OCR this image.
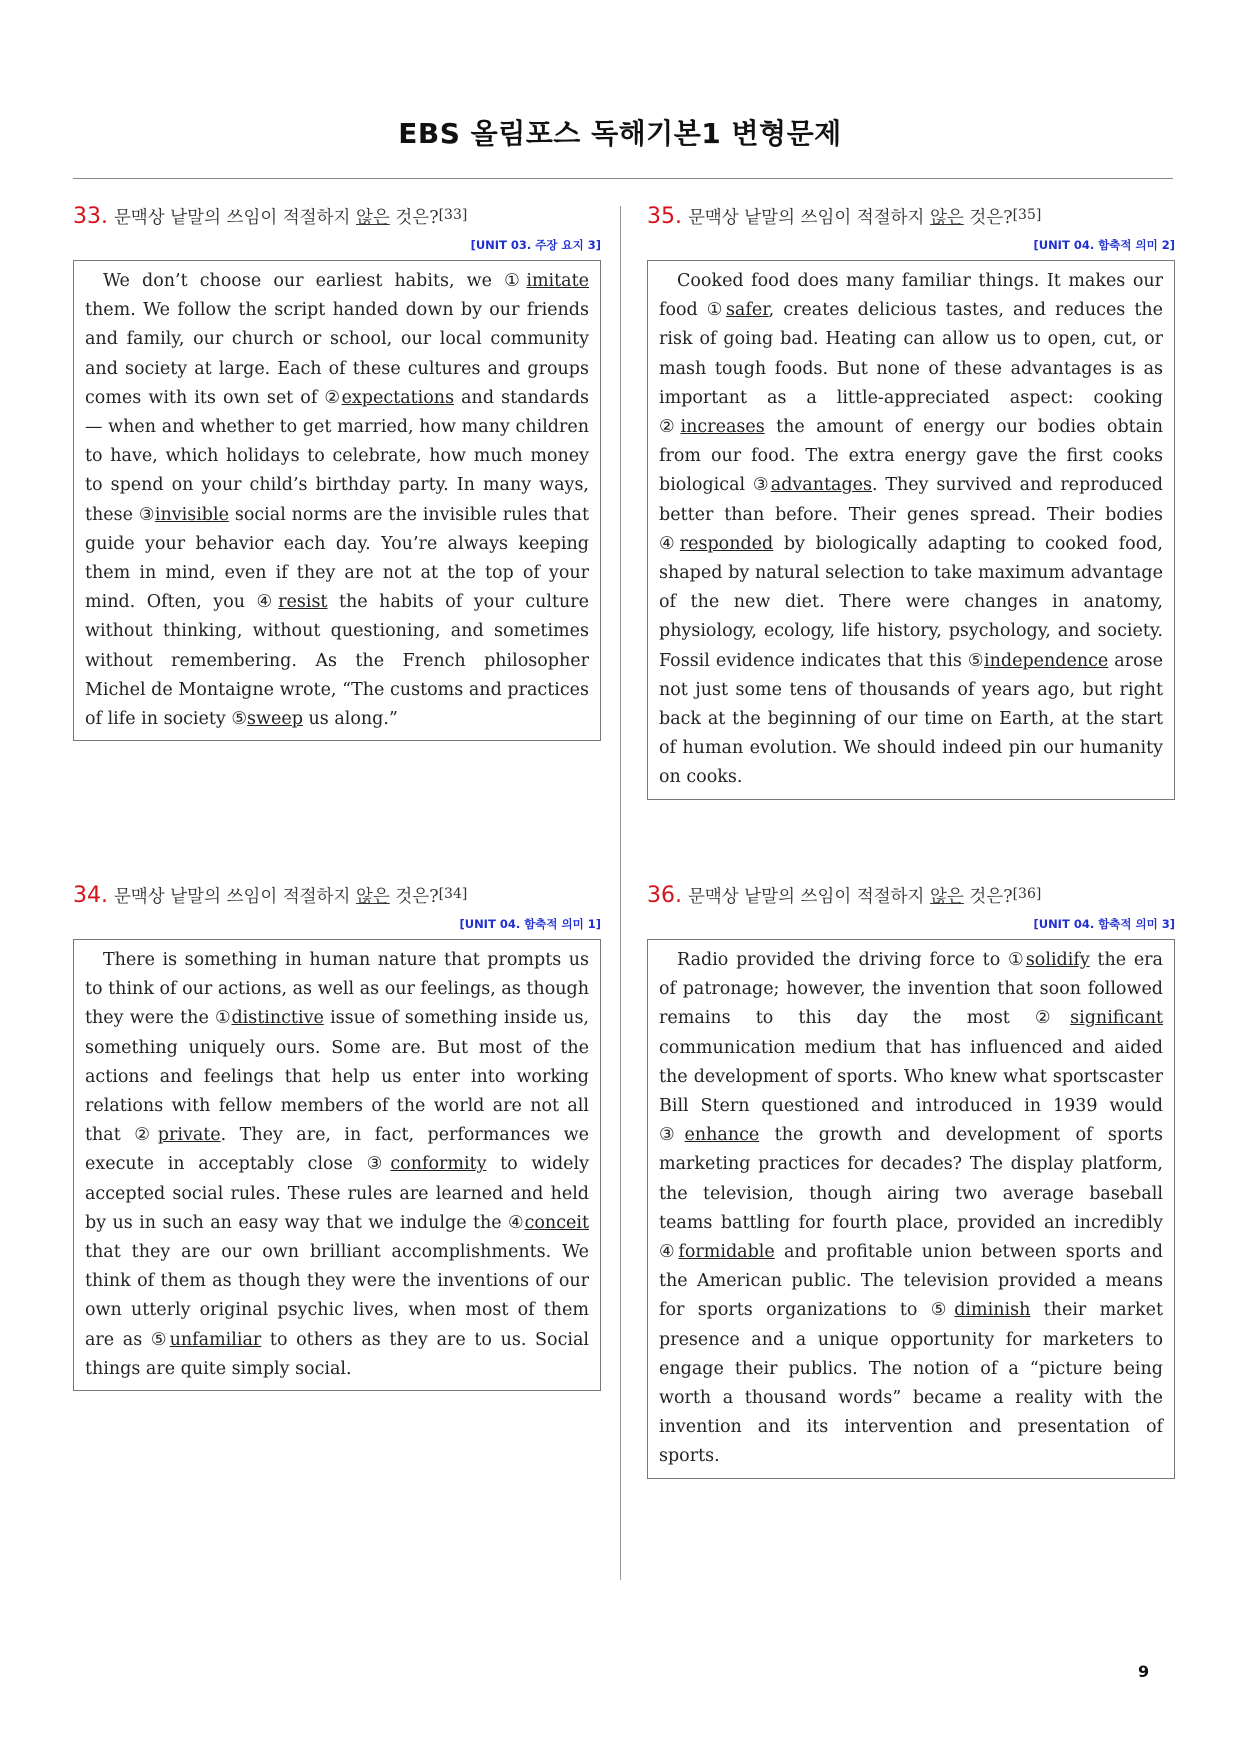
EBS 올림포스 독해기본1 변형문제
33. 문맥상 낱말의 쓰임이 적절하지 않은 것은?[33]
[UNIT 03. 주장 요지 3]

We don’t choose our earliest habits, we ①imitate them. We follow the script handed down by our friends and family, our church or school, our local community and society at large. Each of these cultures and groups comes with its own set of ②expectations and standards — when and whether to get married, how many children to have, which holidays to celebrate, how much money to spend on your child’s birthday party. In many ways, these ③invisible social norms are the invisible rules that guide your behavior each day. You’re always keeping them in mind, even if they are not at the top of your mind. Often, you ④resist the habits of your culture without thinking, without questioning, and sometimes without remembering. As the French philosopher Michel de Montaigne wrote, “The customs and practices of life in society ⑤sweep us along.”

35. 문맥상 낱말의 쓰임이 적절하지 않은 것은?[35]
[UNIT 04. 함축적 의미 2]

Cooked food does many familiar things. It makes our food ①safer, creates delicious tastes, and reduces the risk of going bad. Heating can allow us to open, cut, or mash tough foods. But none of these advantages is as important as a little-appreciated aspect: cooking ②increases the amount of energy our bodies obtain from our food. The extra energy gave the first cooks biological ③advantages. They survived and reproduced better than before. Their genes spread. Their bodies ④responded by biologically adapting to cooked food, shaped by natural selection to take maximum advantage of the new diet. There were changes in anatomy, physiology, ecology, life history, psychology, and society. Fossil evidence indicates that this ⑤independence arose not just some tens of thousands of years ago, but right back at the beginning of our time on Earth, at the start of human evolution. We should indeed pin our humanity on cooks.

34. 문맥상 낱말의 쓰임이 적절하지 않은 것은?[34]
[UNIT 04. 함축적 의미 1]

There is something in human nature that prompts us to think of our actions, as well as our feelings, as though they were the ①distinctive issue of something inside us, something uniquely ours. Some are. But most of the actions and feelings that help us enter into working relations with fellow members of the world are not all that ②private. They are, in fact, performances we execute in acceptably close ③conformity to widely accepted social rules. These rules are learned and held by us in such an easy way that we indulge the ④conceit that they are our own brilliant accomplishments. We think of them as though they were the inventions of our own utterly original psychic lives, when most of them are as ⑤unfamiliar to others as they are to us. Social things are quite simply social.

36. 문맥상 낱말의 쓰임이 적절하지 않은 것은?[36]
[UNIT 04. 함축적 의미 3]

Radio provided the driving force to ①solidify the era of patronage; however, the invention that soon followed remains to this day the most ②significant communication medium that has influenced and aided the development of sports. Who knew what sportscaster Bill Stern questioned and introduced in 1939 would ③enhance the growth and development of sports marketing practices for decades? The display platform, the television, though airing two average baseball teams battling for fourth place, provided an incredibly ④formidable and profitable union between sports and the American public. The television provided a means for sports organizations to ⑤diminish their market presence and a unique opportunity for marketers to engage their publics. The notion of a “picture being worth a thousand words” became a reality with the invention and its intervention and presentation of sports.

9
